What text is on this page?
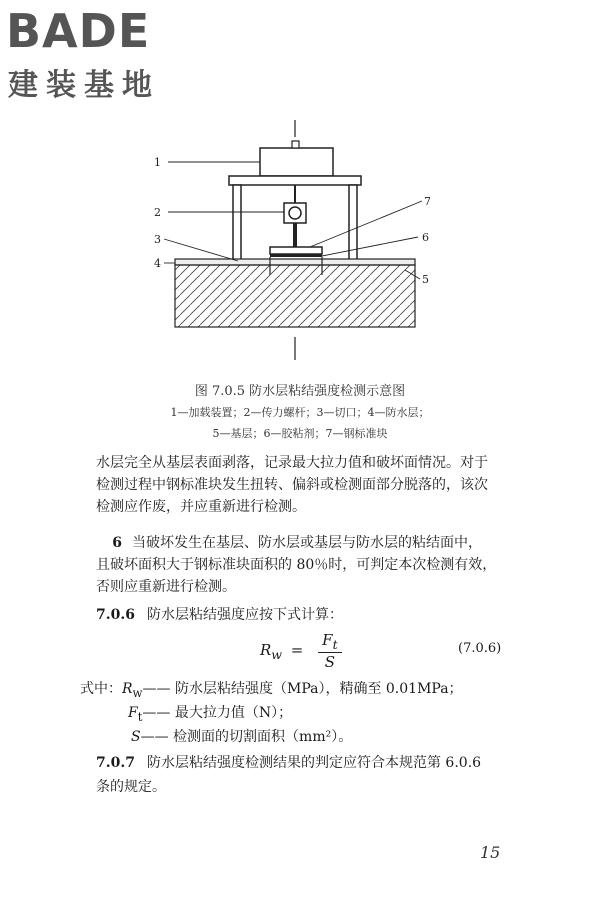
BADE
建装基地
1
2
3
4
5
6
7
图 7.0.5 防水层粘结强度检测示意图
1—加载装置；2—传力螺杆；3—切口；4—防水层；
5—基层；6—胶粘剂；7—钢标准块
水层完全从基层表面剥落，记录最大拉力值和破坏面情况。对于
检测过程中钢标准块发生扭转、偏斜或检测面部分脱落的，该次
检测应作废，并应重新进行检测。
6 当破坏发生在基层、防水层或基层与防水层的粘结面中，
且破坏面积大于钢标准块面积的 80％时，可判定本次检测有效，
否则应重新进行检测。
7.0.6 防水层粘结强度应按下式计算：
$R_w = \frac{F_t}{S}$	(7.0.6)
式中：$R_w——$ 防水层粘结强度（MPa），精确至 0.01MPa；
$F_t——$ 最大拉力值（N）；
S—— 检测面的切割面积（mm²）。
7.0.7 防水层粘结强度检测结果的判定应符合本规范第 6.0.6
条的规定。
15
